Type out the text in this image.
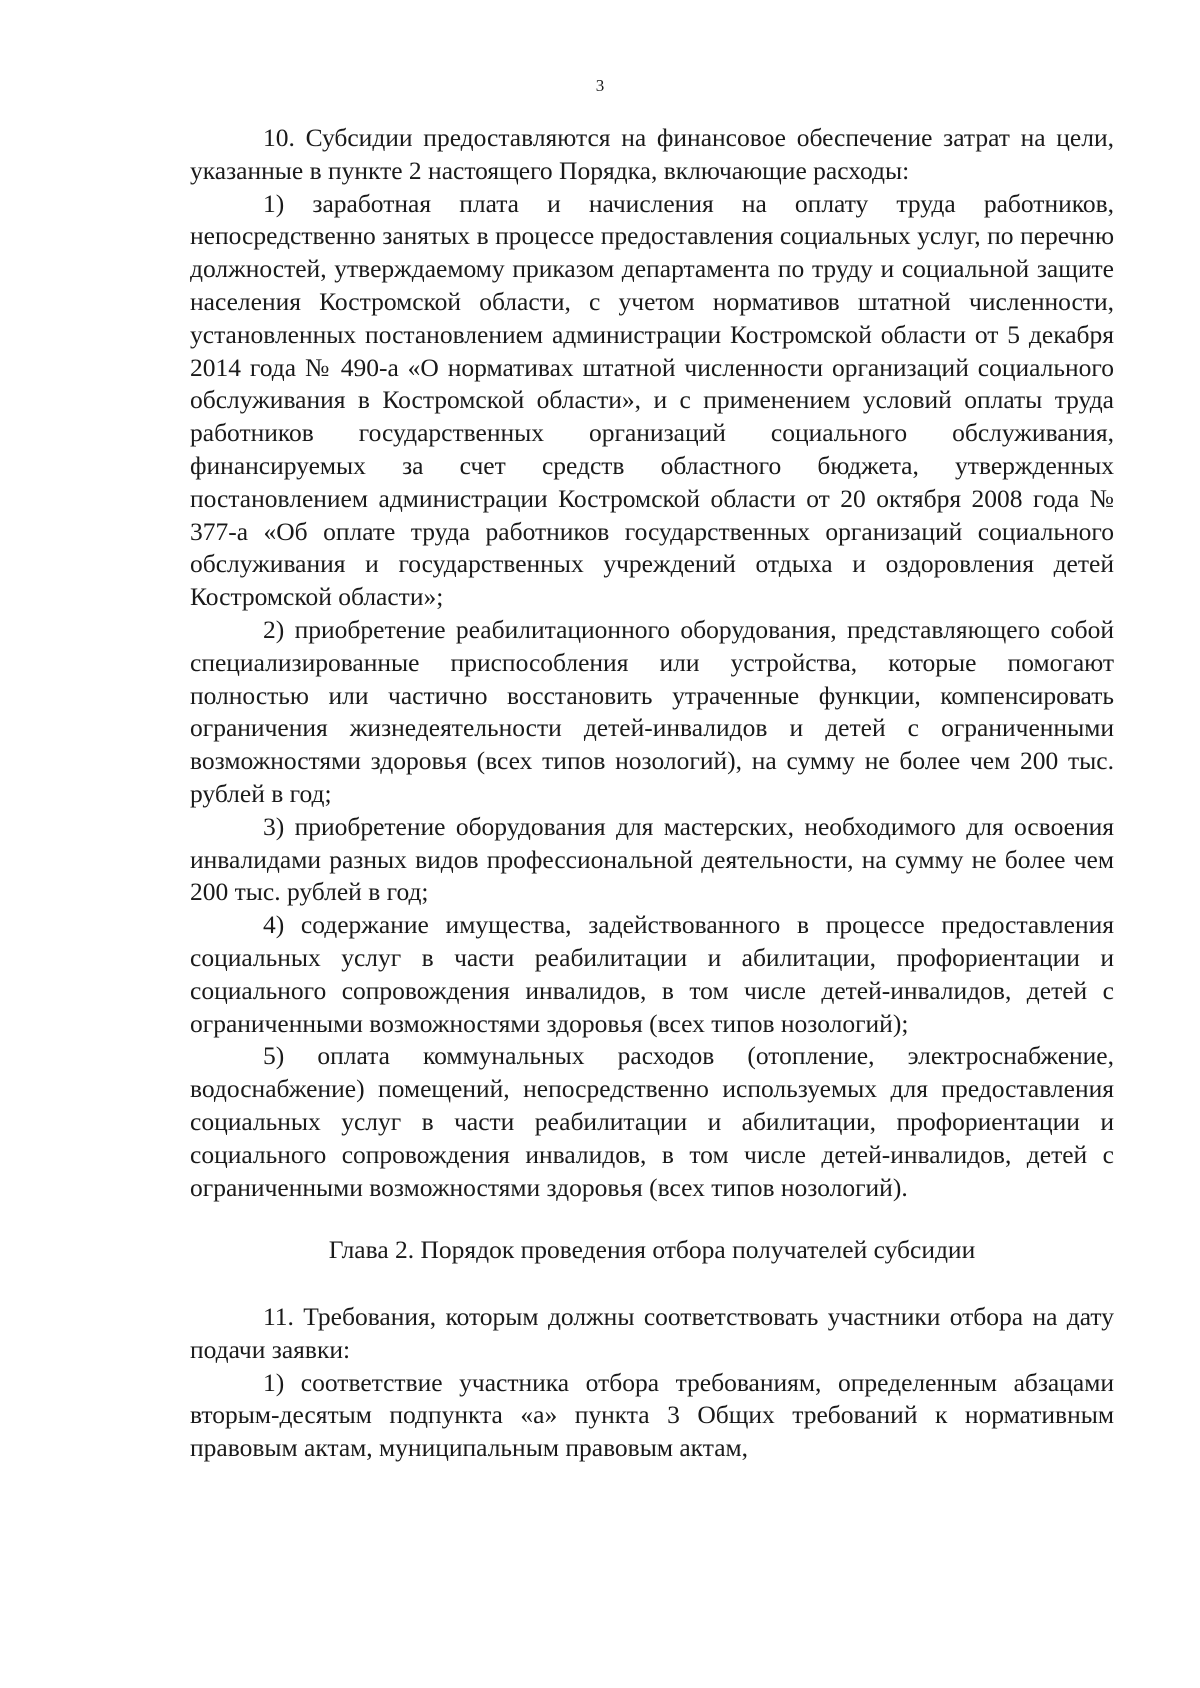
3

10. Субсидии предоставляются на финансовое обеспечение затрат на цели, указанные в пункте 2 настоящего Порядка, включающие расходы:

1) заработная плата и начисления на оплату труда работников, непосредственно занятых в процессе предоставления социальных услуг, по перечню должностей, утверждаемому приказом департамента по труду и социальной защите населения Костромской области, с учетом нормативов штатной численности, установленных постановлением администрации Костромской области от 5 декабря 2014 года № 490-а «О нормативах штатной численности организаций социального обслуживания в Костромской области», и с применением условий оплаты труда работников государственных организаций социального обслуживания, финансируемых за счет средств областного бюджета, утвержденных постановлением администрации Костромской области от 20 октября 2008 года № 377-а «Об оплате труда работников государственных организаций социального обслуживания и государственных учреждений отдыха и оздоровления детей Костромской области»;

2) приобретение реабилитационного оборудования, представляющего собой специализированные приспособления или устройства, которые помогают полностью или частично восстановить утраченные функции, компенсировать ограничения жизнедеятельности детей-инвалидов и детей с ограниченными возможностями здоровья (всех типов нозологий), на сумму не более чем 200 тыс. рублей в год;

3) приобретение оборудования для мастерских, необходимого для освоения инвалидами разных видов профессиональной деятельности, на сумму не более чем 200 тыс. рублей в год;

4) содержание имущества, задействованного в процессе предоставления социальных услуг в части реабилитации и абилитации, профориентации и социального сопровождения инвалидов, в том числе детей-инвалидов, детей с ограниченными возможностями здоровья (всех типов нозологий);

5) оплата коммунальных расходов (отопление, электроснабжение, водоснабжение) помещений, непосредственно используемых для предоставления социальных услуг в части реабилитации и абилитации, профориентации и социального сопровождения инвалидов, в том числе детей-инвалидов, детей с ограниченными возможностями здоровья (всех типов нозологий).

Глава 2. Порядок проведения отбора получателей субсидии

11. Требования, которым должны соответствовать участники отбора на дату подачи заявки:

1) соответствие участника отбора требованиям, определенным абзацами вторым-десятым подпункта «а» пункта 3 Общих требований к нормативным правовым актам, муниципальным правовым актам,
